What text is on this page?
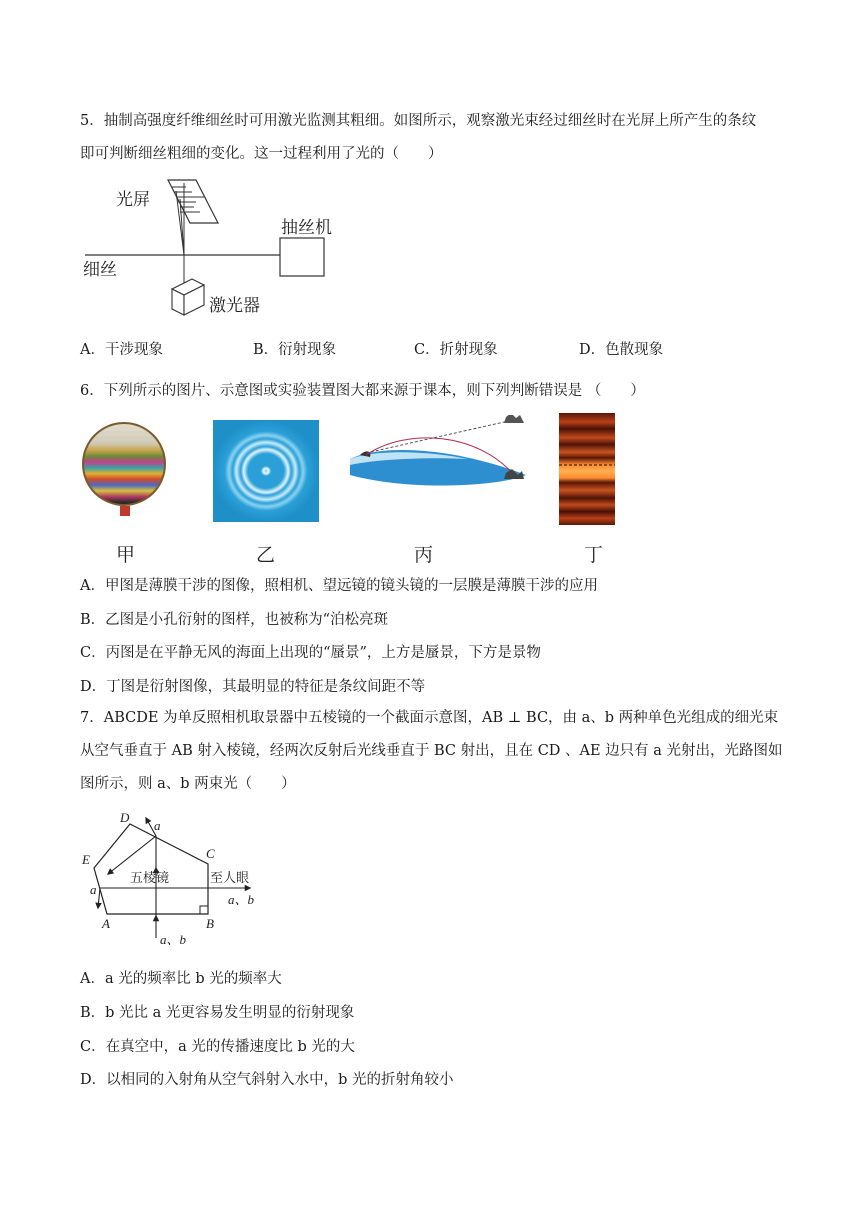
5．抽制高强度纤维细丝时可用激光监测其粗细。如图所示，观察激光束经过细丝时在光屏上所产生的条纹
即可判断细丝粗细的变化。这一过程利用了光的（　　）
光屏
抽丝机
细丝
激光器
A．干涉现象	B．衍射现象	C．折射现象	D．色散现象
6．下列所示的图片、示意图或实验装置图大都来源于课本，则下列判断错误是 （　　）
甲	乙	丙	丁
A．甲图是薄膜干涉的图像，照相机、望远镜的镜头镜的一层膜是薄膜干涉的应用
B．乙图是小孔衍射的图样，也被称为“泊松亮斑
C．丙图是在平静无风的海面上出现的“蜃景”，上方是蜃景，下方是景物
D．丁图是衍射图像，其最明显的特征是条纹间距不等
7．ABCDE 为单反照相机取景器中五棱镜的一个截面示意图，AB ⊥ BC，由 a、b 两种单色光组成的细光束
从空气垂直于 AB 射入棱镜，经两次反射后光线垂直于 BC 射出，且在 CD 、AE 边只有 a 光射出，光路图如
图所示，则 a、b 两束光（　　）
D
a
C
E
a
五棱镜	至人眼
a、b
A	B
a、b
A．a 光的频率比 b 光的频率大
B．b 光比 a 光更容易发生明显的衍射现象
C．在真空中，a 光的传播速度比 b 光的大
D．以相同的入射角从空气斜射入水中，b 光的折射角较小
